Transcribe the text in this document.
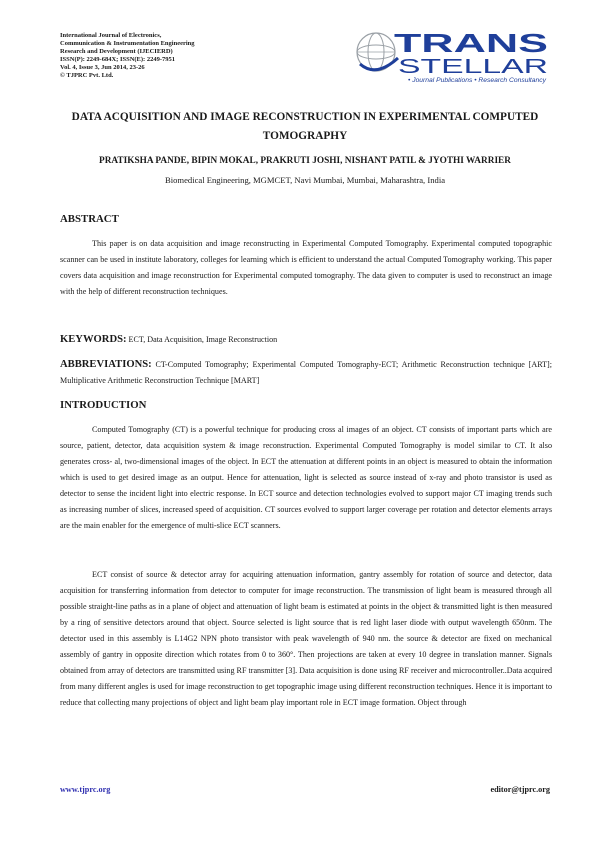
International Journal of Electronics,
Communication & Instrumentation Engineering
Research and Development (IJECIERD)
ISSN(P): 2249-684X; ISSN(E): 2249-7951
Vol. 4, Issue 3, Jun 2014, 23-26
© TJPRC Pvt. Ltd.
TRANS
STELLAR
• Journal Publications • Research Consultancy
DATA ACQUISITION AND IMAGE RECONSTRUCTION IN EXPERIMENTAL COMPUTED TOMOGRAPHY
PRATIKSHA PANDE, BIPIN MOKAL, PRAKRUTI JOSHI, NISHANT PATIL & JYOTHI WARRIER
Biomedical Engineering, MGMCET, Navi Mumbai, Mumbai, Maharashtra, India
ABSTRACT

This paper is on data acquisition and image reconstructing in Experimental Computed Tomography. Experimental computed topographic scanner can be used in institute laboratory, colleges for learning which is efficient to understand the actual Computed Tomography working. This paper covers data acquisition and image reconstruction for Experimental computed tomography. The data given to computer is used to reconstruct an image with the help of different reconstruction techniques.

KEYWORDS: ECT, Data Acquisition, Image Reconstruction
ABBREVIATIONS: CT-Computed Tomography; Experimental Computed Tomography-ECT; Arithmetic Reconstruction technique [ART]; Multiplicative Arithmetic Reconstruction Technique [MART]
INTRODUCTION

Computed Tomography (CT) is a powerful technique for producing cross al images of an object. CT consists of important parts which are source, patient, detector, data acquisition system & image reconstruction. Experimental Computed Tomography is model similar to CT. It also generates cross- al, two-dimensional images of the object. In ECT the attenuation at different points in an object is measured to obtain the information which is used to get desired image as an output. Hence for attenuation, light is selected as source instead of x-ray and photo transistor is used as detector to sense the incident light into electric response. In ECT source and detection technologies evolved to support major CT imaging trends such as increasing number of slices, increased speed of acquisition. CT sources evolved to support larger coverage per rotation and detector elements arrays are the main enabler for the emergence of multi-slice ECT scanners.

ECT consist of source & detector array for acquiring attenuation information, gantry assembly for rotation of source and detector, data acquisition for transferring information from detector to computer for image reconstruction. The transmission of light beam is measured through all possible straight-line paths as in a plane of object and attenuation of light beam is estimated at points in the object & transmitted light is then measured by a ring of sensitive detectors around that object. Source selected is light source that is red light laser diode with output wavelength 650nm. The detector used in this assembly is L14G2 NPN photo transistor with peak wavelength of 940 nm. the source & detector are fixed on mechanical assembly of gantry in opposite direction which rotates from 0 to 360°. Then projections are taken at every 10 degree in translation manner. Signals obtained from array of detectors are transmitted using RF transmitter [3]. Data acquisition is done using RF receiver and microcontroller..Data acquired from many different angles is used for image reconstruction to get topographic image using different reconstruction techniques. Hence it is important to reduce that collecting many projections of object and light beam play important role in ECT image formation. Object through

www.tjprc.org	editor@tjprc.org
